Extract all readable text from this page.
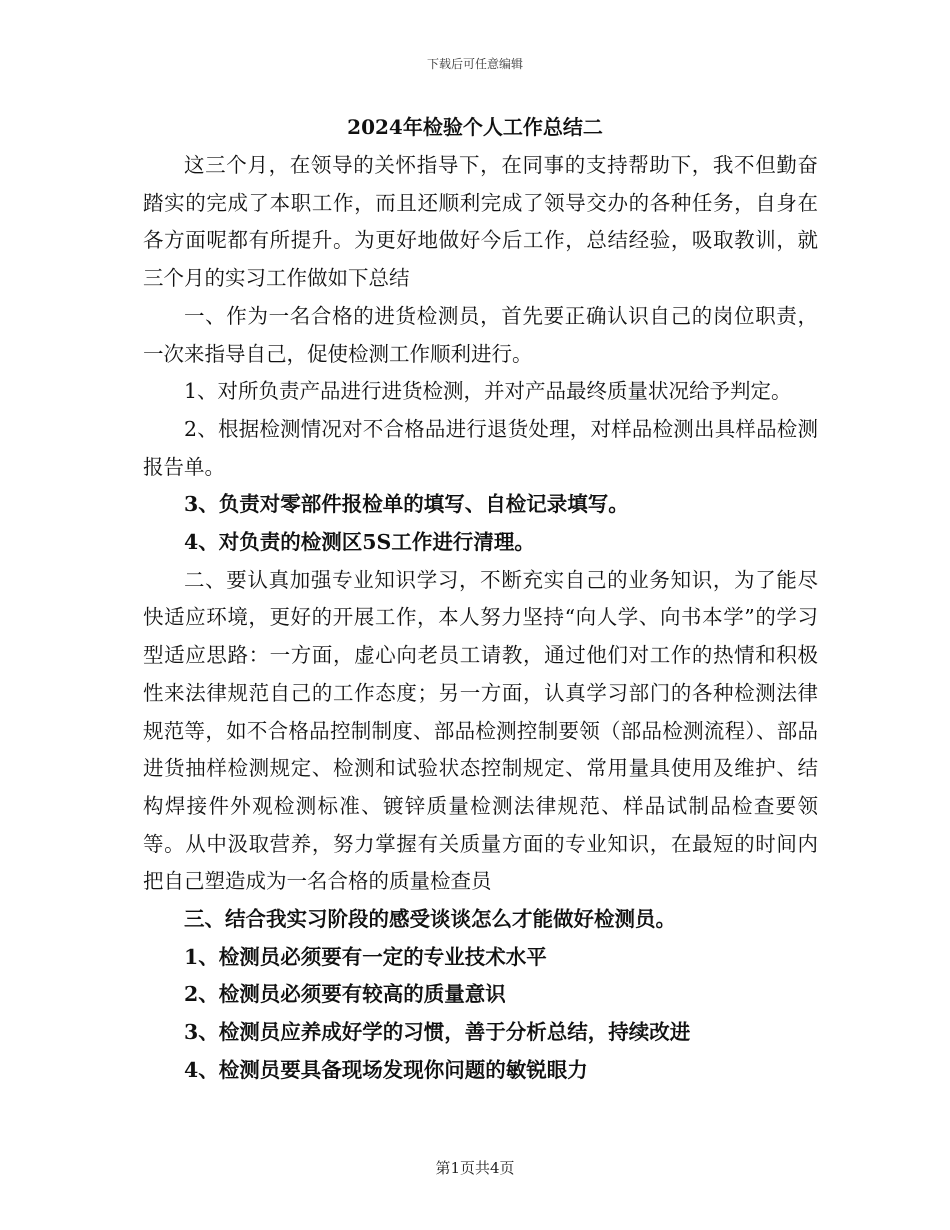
下载后可任意编辑
2024年检验个人工作总结二

这三个月，在领导的关怀指导下，在同事的支持帮助下，我不但勤奋踏实的完成了本职工作，而且还顺利完成了领导交办的各种任务，自身在各方面呢都有所提升。为更好地做好今后工作，总结经验，吸取教训，就三个月的实习工作做如下总结

一、作为一名合格的进货检测员，首先要正确认识自己的岗位职责，一次来指导自己，促使检测工作顺利进行。

1、对所负责产品进行进货检测，并对产品最终质量状况给予判定。

2、根据检测情况对不合格品进行退货处理，对样品检测出具样品检测报告单。

3、负责对零部件报检单的填写、自检记录填写。

4、对负责的检测区5S工作进行清理。

二、要认真加强专业知识学习，不断充实自己的业务知识，为了能尽快适应环境，更好的开展工作，本人努力坚持“向人学、向书本学”的学习型适应思路：一方面，虚心向老员工请教，通过他们对工作的热情和积极性来法律规范自己的工作态度；另一方面，认真学习部门的各种检测法律规范等，如不合格品控制制度、部品检测控制要领（部品检测流程）、部品进货抽样检测规定、检测和试验状态控制规定、常用量具使用及维护、结构焊接件外观检测标准、镀锌质量检测法律规范、样品试制品检查要领等。从中汲取营养，努力掌握有关质量方面的专业知识，在最短的时间内把自己塑造成为一名合格的质量检查员

三、结合我实习阶段的感受谈谈怎么才能做好检测员。

1、检测员必须要有一定的专业技术水平

2、检测员必须要有较高的质量意识

3、检测员应养成好学的习惯，善于分析总结，持续改进

4、检测员要具备现场发现你问题的敏锐眼力

第1页共4页
